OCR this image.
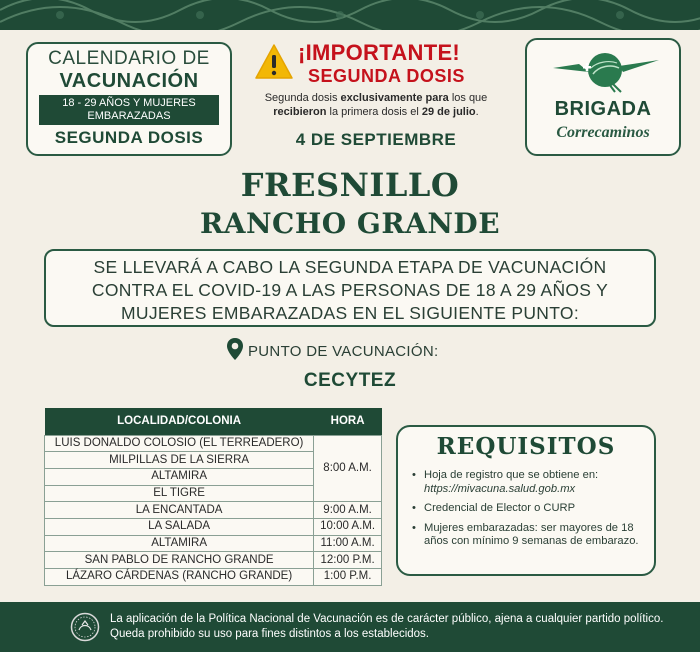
CALENDARIO DE
VACUNACIÓN
18 - 29 AÑOS Y MUJERES EMBARAZADAS
SEGUNDA DOSIS
¡IMPORTANTE!
SEGUNDA DOSIS
Segunda dosis exclusivamente para los que
recibieron la primera dosis el 29 de julio.
4 DE SEPTIEMBRE
BRIGADA
Correcaminos
FRESNILLO
RANCHO GRANDE
SE LLEVARÁ A CABO LA SEGUNDA ETAPA DE VACUNACIÓN
CONTRA EL COVID-19 A LAS PERSONAS DE 18 A 29 AÑOS Y
MUJERES EMBARAZADAS EN EL SIGUIENTE PUNTO:
PUNTO DE VACUNACIÓN:
CECYTEZ
LOCALIDAD/COLONIA	HORA
LUIS DONALDO COLOSIO (EL TERREADERO)	8:00 A.M.
MILPILLAS DE LA SIERRA	
ALTAMIRA	
EL TIGRE	
LA ENCANTADA	9:00 A.M.
LA SALADA	10:00 A.M.
ALTAMIRA	11:00 A.M.
SAN PABLO DE RANCHO GRANDE	12:00 P.M.
LÁZARO CÁRDENAS (RANCHO GRANDE)	1:00 P.M.
REQUISITOS
• Hoja de registro que se obtiene en: https://mivacuna.salud.gob.mx
• Credencial de Elector o CURP
• Mujeres embarazadas: ser mayores de 18 años con mínimo 9 semanas de embarazo.
La aplicación de la Política Nacional de Vacunación es de carácter público, ajena a cualquier partido político. Queda prohibido su uso para fines distintos a los establecidos.
